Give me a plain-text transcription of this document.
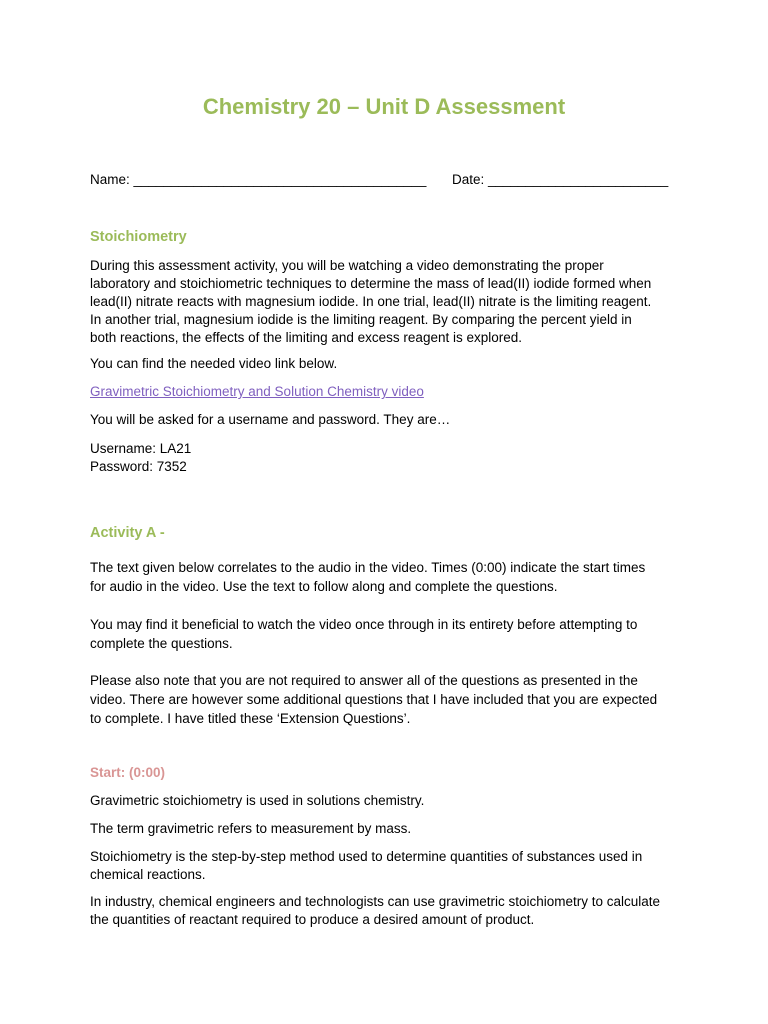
Chemistry 20 – Unit D Assessment
Name: _______________________________________ Date: ________________________
Stoichiometry
During this assessment activity, you will be watching a video demonstrating the proper
laboratory and stoichiometric techniques to determine the mass of lead(II) iodide formed when
lead(II) nitrate reacts with magnesium iodide. In one trial, lead(II) nitrate is the limiting reagent.
In another trial, magnesium iodide is the limiting reagent. By comparing the percent yield in
both reactions, the effects of the limiting and excess reagent is explored.
You can find the needed video link below.
Gravimetric Stoichiometry and Solution Chemistry video
You will be asked for a username and password. They are…
Username: LA21
Password: 7352
Activity A -
The text given below correlates to the audio in the video. Times (0:00) indicate the start times
for audio in the video. Use the text to follow along and complete the questions.
You may find it beneficial to watch the video once through in its entirety before attempting to
complete the questions.
Please also note that you are not required to answer all of the questions as presented in the
video. There are however some additional questions that I have included that you are expected
to complete. I have titled these ‘Extension Questions’.
Start: (0:00)
Gravimetric stoichiometry is used in solutions chemistry.
The term gravimetric refers to measurement by mass.
Stoichiometry is the step-by-step method used to determine quantities of substances used in
chemical reactions.
In industry, chemical engineers and technologists can use gravimetric stoichiometry to calculate
the quantities of reactant required to produce a desired amount of product.
